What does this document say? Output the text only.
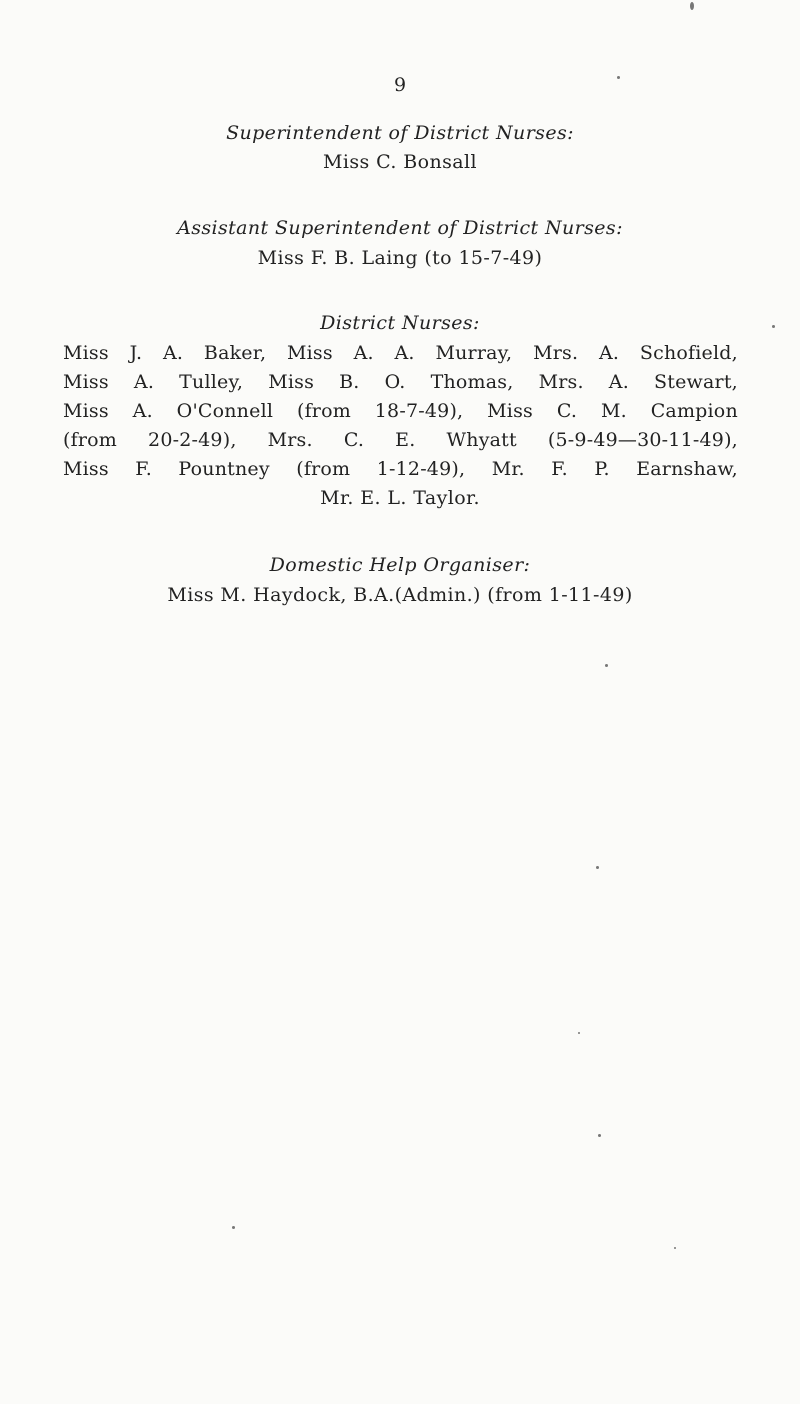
9
Superintendent of District Nurses:
Miss C. Bonsall
Assistant Superintendent of District Nurses:
Miss F. B. Laing (to 15-7-49)
District Nurses:
Miss J. A. Baker, Miss A. A. Murray, Mrs. A. Schofield,
Miss A. Tulley, Miss B. O. Thomas, Mrs. A. Stewart,
Miss A. O'Connell (from 18-7-49), Miss C. M. Campion
(from 20-2-49), Mrs. C. E. Whyatt (5-9-49—30-11-49),
Miss F. Pountney (from 1-12-49), Mr. F. P. Earnshaw,
Mr. E. L. Taylor.
Domestic Help Organiser:
Miss M. Haydock, B.A.(Admin.) (from 1-11-49)
